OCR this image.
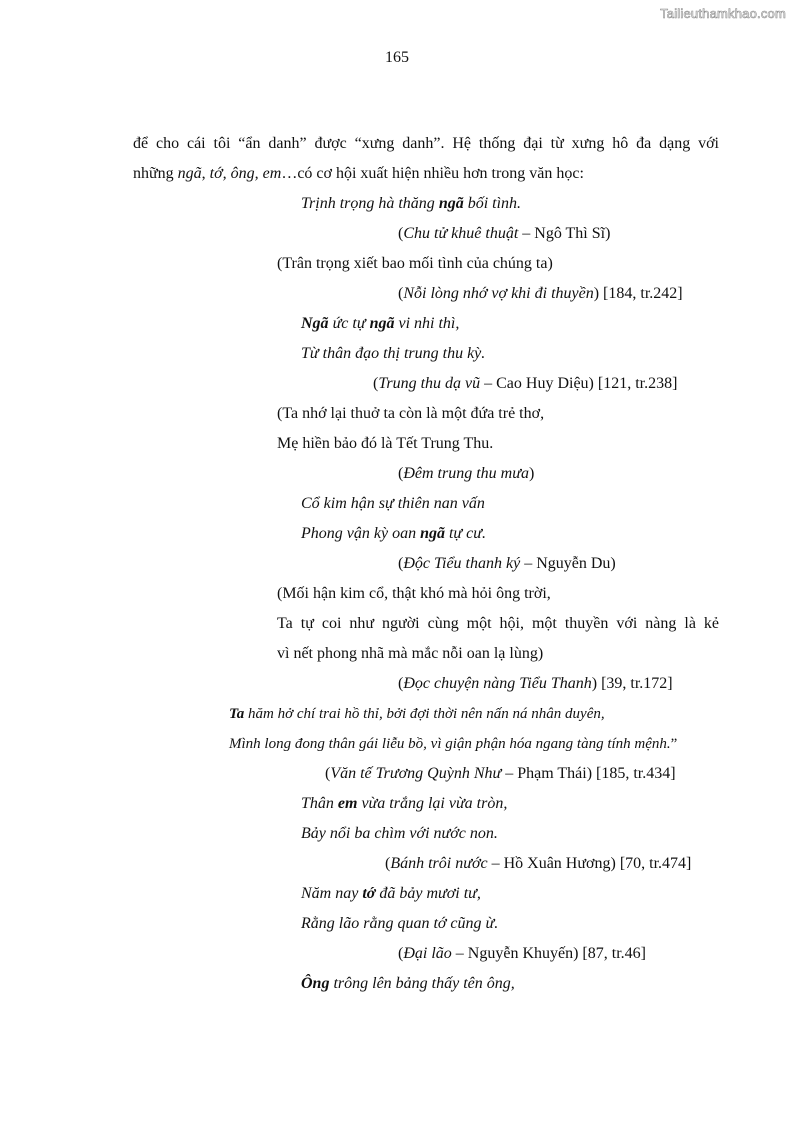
Tailieuthamkhao.com
165
để cho cái tôi “ẩn danh” được “xưng danh”. Hệ thống đại từ xưng hô đa dạng với
những ngã, tớ, ông, em…có cơ hội xuất hiện nhiều hơn trong văn học:
Trịnh trọng hà thăng ngã bối tình.
(Chu tử khuê thuật – Ngô Thì Sĩ)
(Trân trọng xiết bao mối tình của chúng ta)
(Nỗi lòng nhớ vợ khi đi thuyền) [184, tr.242]
Ngã ức tự ngã vi nhi thì,
Từ thân đạo thị trung thu kỳ.
(Trung thu dạ vũ – Cao Huy Diệu) [121, tr.238]
(Ta nhớ lại thuở ta còn là một đứa trẻ thơ,
Mẹ hiền bảo đó là Tết Trung Thu.
(Đêm trung thu mưa)
Cổ kim hận sự thiên nan vấn
Phong vận kỳ oan ngã tự cư.
(Độc Tiểu thanh ký – Nguyễn Du)
(Mối hận kim cổ, thật khó mà hỏi ông trời,
Ta tự coi như người cùng một hội, một thuyền với nàng là kẻ
vì nết phong nhã mà mắc nỗi oan lạ lùng)
(Đọc chuyện nàng Tiểu Thanh) [39, tr.172]
Ta hăm hở chí trai hồ thỉ, bởi đợi thời nên nấn ná nhân duyên,
Mình long đong thân gái liễu bồ, vì giận phận hóa ngang tàng tính mệnh.”
(Văn tế Trương Quỳnh Như – Phạm Thái) [185, tr.434]
Thân em vừa trắng lại vừa tròn,
Bảy nổi ba chìm với nước non.
(Bánh trôi nước – Hồ Xuân Hương) [70, tr.474]
Năm nay tớ đã bảy mươi tư,
Rằng lão rằng quan tớ cũng ừ.
(Đại lão – Nguyễn Khuyến) [87, tr.46]
Ông trông lên bảng thấy tên ông,
